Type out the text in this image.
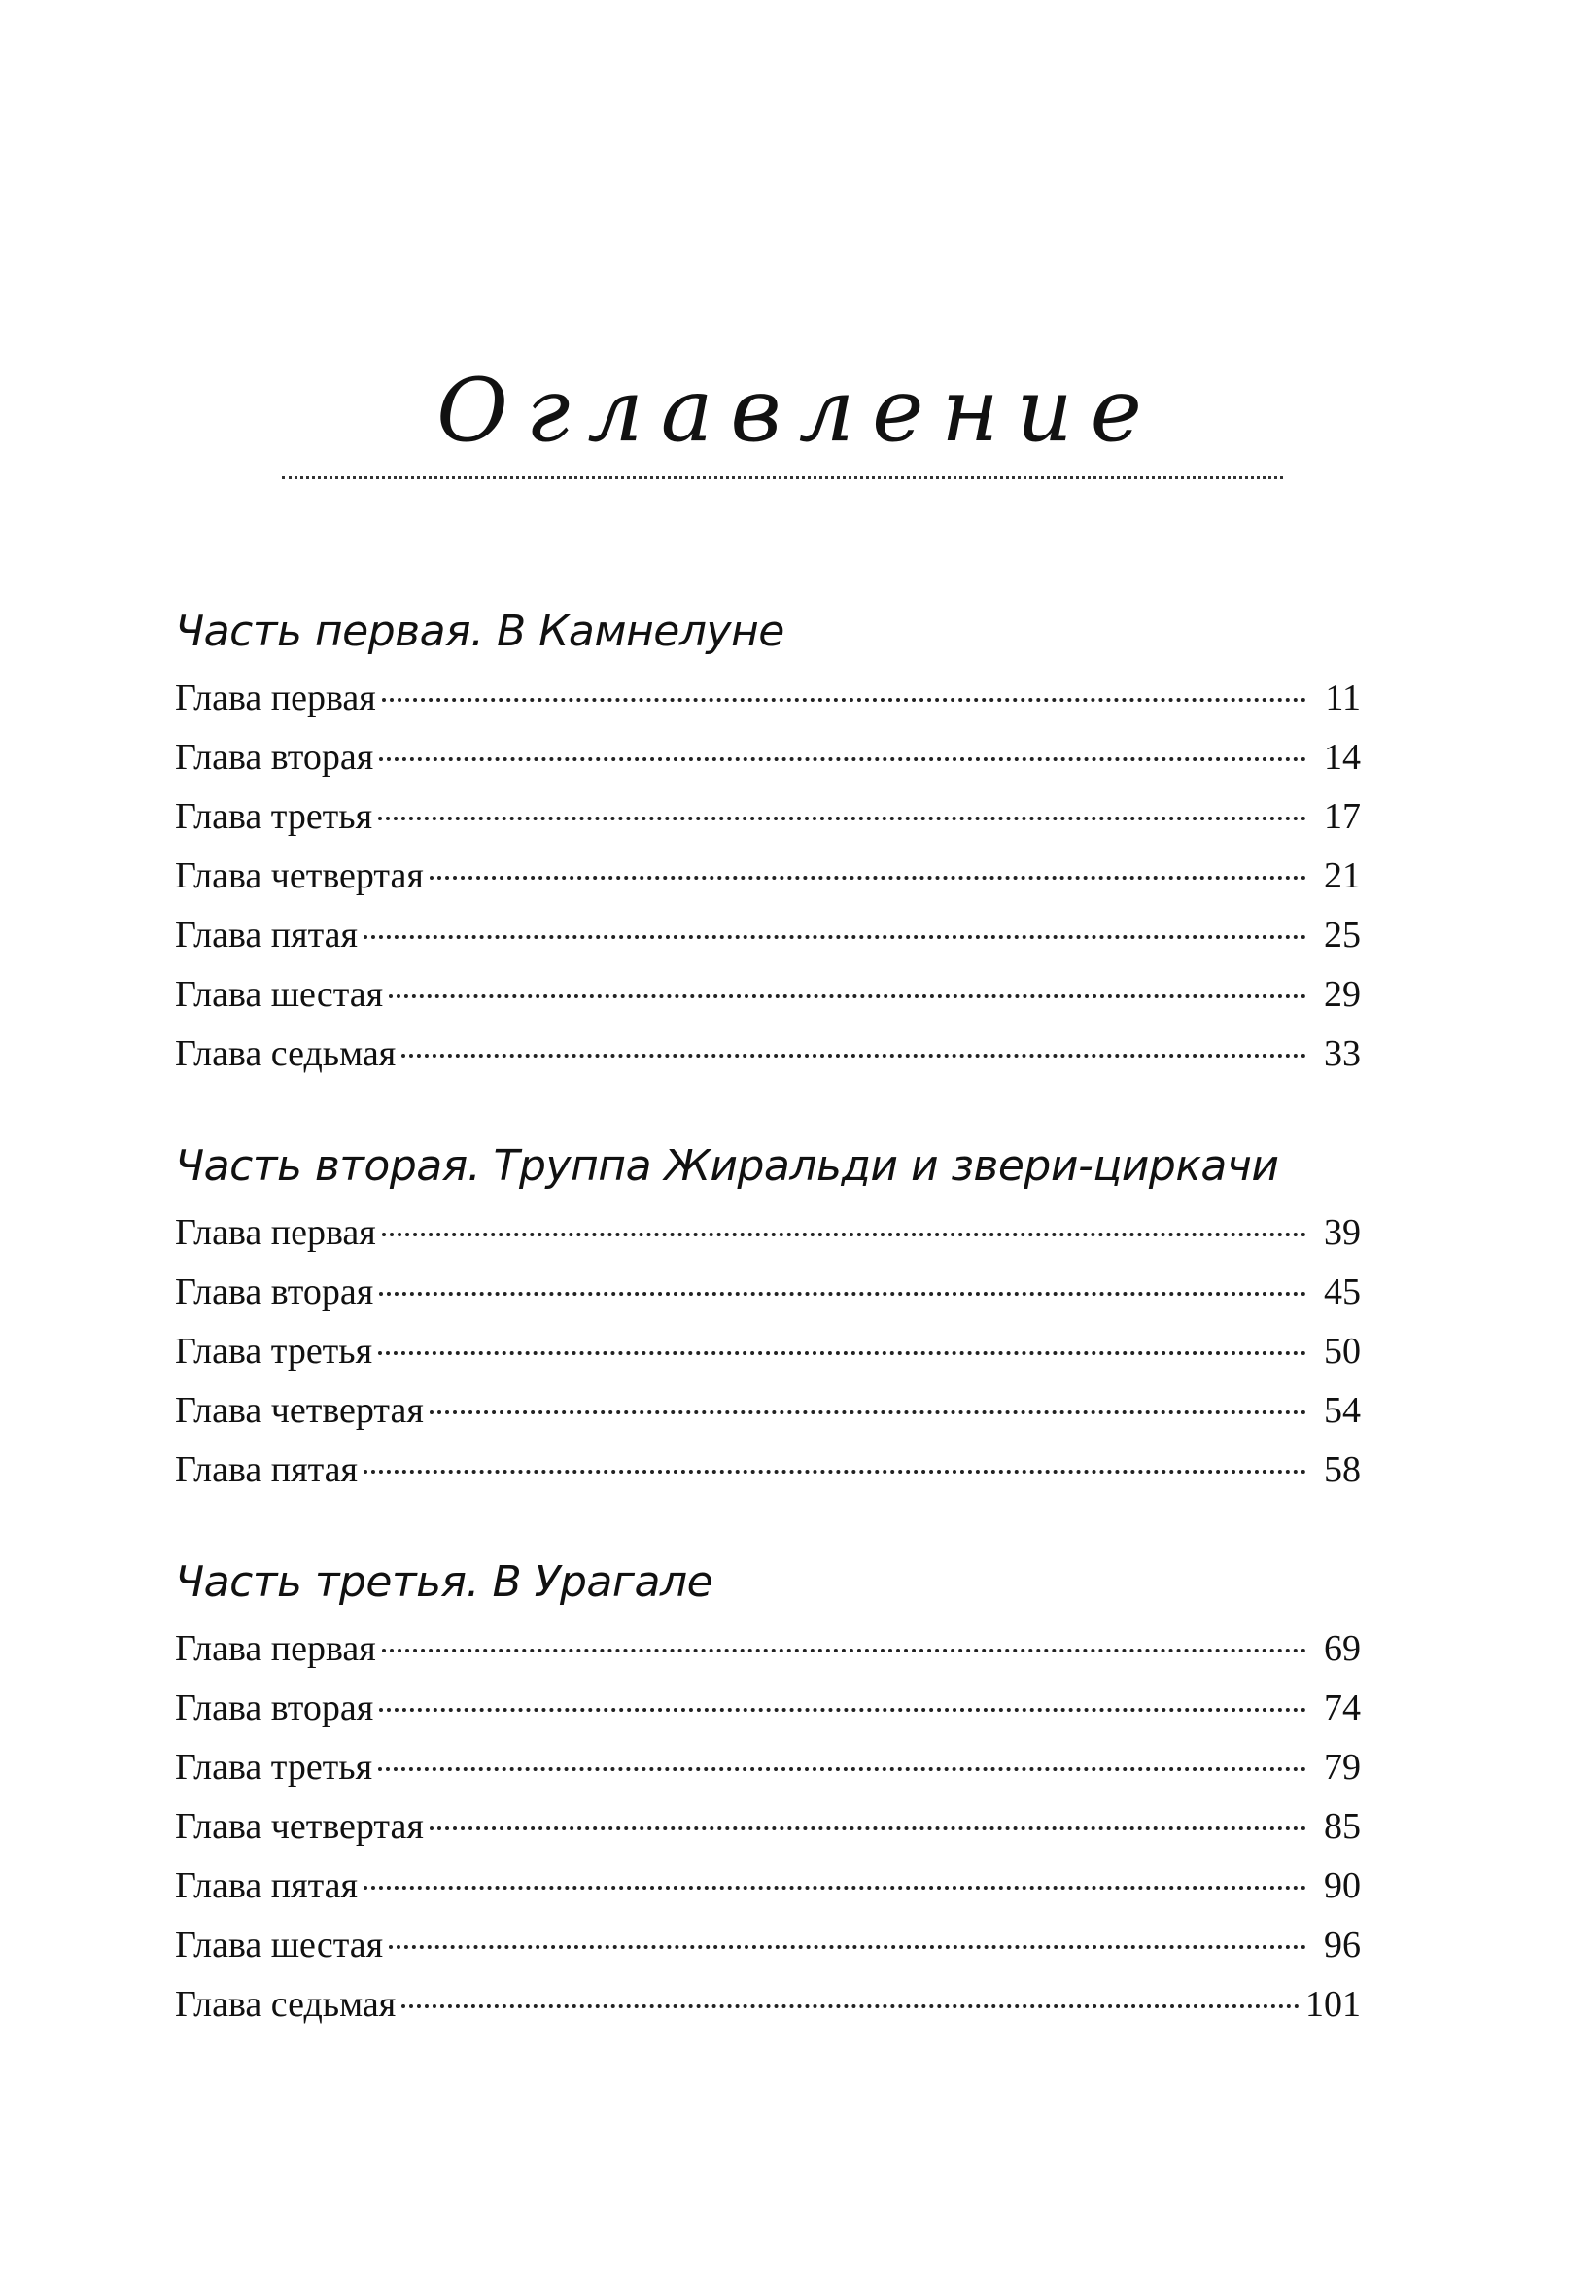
Оглавление
Часть первая. В Камнелуне
Глава первая	11
Глава вторая	14
Глава третья	17
Глава четвертая	21
Глава пятая	25
Глава шестая	29
Глава седьмая	33
Часть вторая. Труппа Жиральди и звери-циркачи
Глава первая	39
Глава вторая	45
Глава третья	50
Глава четвертая	54
Глава пятая	58
Часть третья. В Урагале
Глава первая	69
Глава вторая	74
Глава третья	79
Глава четвертая	85
Глава пятая	90
Глава шестая	96
Глава седьмая	101
